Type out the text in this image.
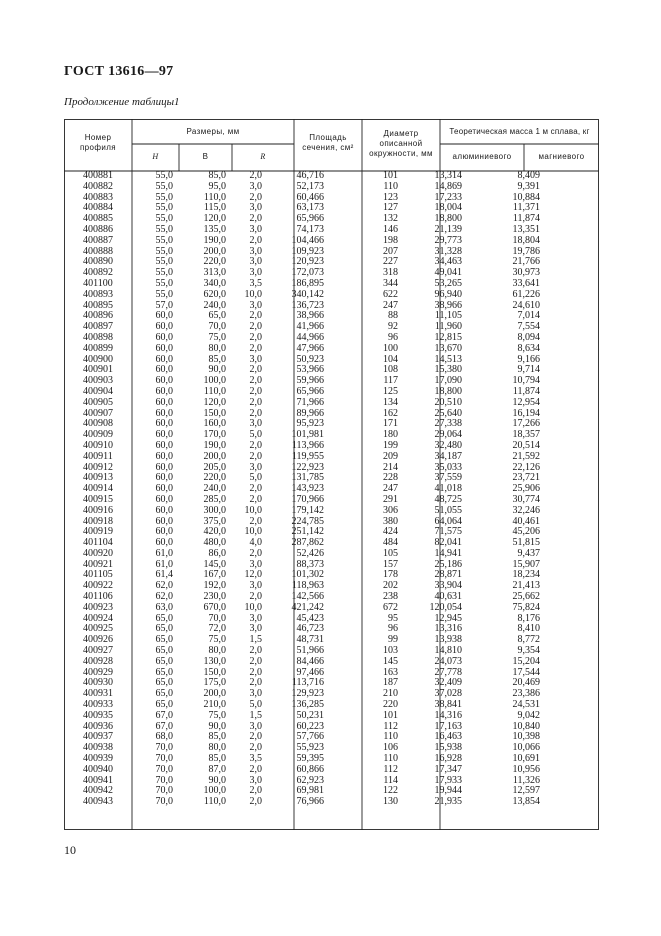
ГОСТ 13616—97
Продолжение таблицы1
Номер профиля
Размеры, мм
H	B	R
Площадь сечения, см²
Диаметр описанной окружности, мм
Теоретическая масса 1 м сплава, кг
алюминиевого	магниевого
400881	55,0	85,0	2,0	46,716	101	13,314	8,409
400882	55,0	95,0	3,0	52,173	110	14,869	9,391
400883	55,0	110,0	2,0	60,466	123	17,233	10,884
400884	55,0	115,0	3,0	63,173	127	18,004	11,371
400885	55,0	120,0	2,0	65,966	132	18,800	11,874
400886	55,0	135,0	3,0	74,173	146	21,139	13,351
400887	55,0	190,0	2,0	104,466	198	29,773	18,804
400888	55,0	200,0	3,0	109,923	207	31,328	19,786
400890	55,0	220,0	3,0	120,923	227	34,463	21,766
400892	55,0	313,0	3,0	172,073	318	49,041	30,973
401100	55,0	340,0	3,5	186,895	344	53,265	33,641
400893	55,0	620,0	10,0	340,142	622	96,940	61,226
400895	57,0	240,0	3,0	136,723	247	38,966	24,610
400896	60,0	65,0	2,0	38,966	88	11,105	7,014
400897	60,0	70,0	2,0	41,966	92	11,960	7,554
400898	60,0	75,0	2,0	44,966	96	12,815	8,094
400899	60,0	80,0	2,0	47,966	100	13,670	8,634
400900	60,0	85,0	3,0	50,923	104	14,513	9,166
400901	60,0	90,0	2,0	53,966	108	15,380	9,714
400903	60,0	100,0	2,0	59,966	117	17,090	10,794
400904	60,0	110,0	2,0	65,966	125	18,800	11,874
400905	60,0	120,0	2,0	71,966	134	20,510	12,954
400907	60,0	150,0	2,0	89,966	162	25,640	16,194
400908	60,0	160,0	3,0	95,923	171	27,338	17,266
400909	60,0	170,0	5,0	101,981	180	29,064	18,357
400910	60,0	190,0	2,0	113,966	199	32,480	20,514
400911	60,0	200,0	2,0	119,955	209	34,187	21,592
400912	60,0	205,0	3,0	122,923	214	35,033	22,126
400913	60,0	220,0	5,0	131,785	228	37,559	23,721
400914	60,0	240,0	2,0	143,923	247	41,018	25,906
400915	60,0	285,0	2,0	170,966	291	48,725	30,774
400916	60,0	300,0	10,0	179,142	306	51,055	32,246
400918	60,0	375,0	2,0	224,785	380	64,064	40,461
400919	60,0	420,0	10,0	251,142	424	71,575	45,206
401104	60,0	480,0	4,0	287,862	484	82,041	51,815
400920	61,0	86,0	2,0	52,426	105	14,941	9,437
400921	61,0	145,0	3,0	88,373	157	25,186	15,907
401105	61,4	167,0	12,0	101,302	178	28,871	18,234
400922	62,0	192,0	3,0	118,963	202	33,904	21,413
401106	62,0	230,0	2,0	142,566	238	40,631	25,662
400923	63,0	670,0	10,0	421,242	672	120,054	75,824
400924	65,0	70,0	3,0	45,423	95	12,945	8,176
400925	65,0	72,0	3,0	46,723	96	13,316	8,410
400926	65,0	75,0	1,5	48,731	99	13,938	8,772
400927	65,0	80,0	2,0	51,966	103	14,810	9,354
400928	65,0	130,0	2,0	84,466	145	24,073	15,204
400929	65,0	150,0	2,0	97,466	163	27,778	17,544
400930	65,0	175,0	2,0	113,716	187	32,409	20,469
400931	65,0	200,0	3,0	129,923	210	37,028	23,386
400933	65,0	210,0	5,0	136,285	220	38,841	24,531
400935	67,0	75,0	1,5	50,231	101	14,316	9,042
400936	67,0	90,0	3,0	60,223	112	17,163	10,840
400937	68,0	85,0	2,0	57,766	110	16,463	10,398
400938	70,0	80,0	2,0	55,923	106	15,938	10,066
400939	70,0	85,0	3,5	59,395	110	16,928	10,691
400940	70,0	87,0	2,0	60,866	112	17,347	10,956
400941	70,0	90,0	3,0	62,923	114	17,933	11,326
400942	70,0	100,0	2,0	69,981	122	19,944	12,597
400943	70,0	110,0	2,0	76,966	130	21,935	13,854
10
